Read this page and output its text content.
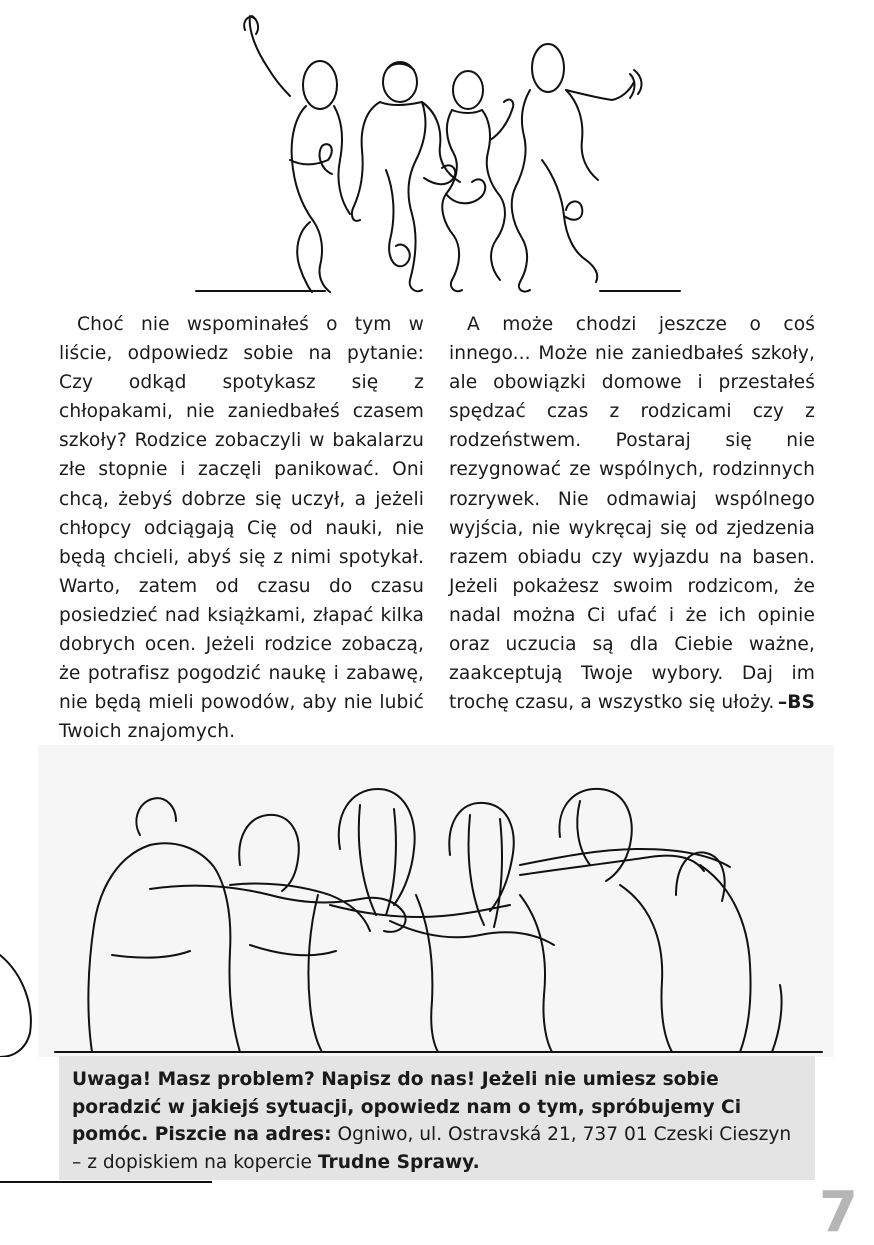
Choć nie wspominałeś o tym w liście, odpowiedz sobie na pytanie: Czy odkąd spotykasz się z chłopakami, nie zaniedbałeś czasem szkoły? Rodzice zobaczyli w bakalarzu złe stopnie i zaczęli panikować. Oni chcą, żebyś dobrze się uczył, a jeżeli chłopcy odciągają Cię od nauki, nie będą chcieli, abyś się z nimi spotykał. Warto, zatem od czasu do czasu posiedzieć nad książkami, złapać kilka dobrych ocen. Jeżeli rodzice zobaczą, że potrafisz pogodzić naukę i zabawę, nie będą mieli powodów, aby nie lubić Twoich znajomych.
A może chodzi jeszcze o coś innego... Może nie zaniedbałeś szkoły, ale obowiązki domowe i przestałeś spędzać czas z rodzicami czy z rodzeństwem. Postaraj się nie rezygnować ze wspólnych, rodzinnych rozrywek. Nie odmawiaj wspólnego wyjścia, nie wykręcaj się od zjedzenia razem obiadu czy wyjazdu na basen. Jeżeli pokażesz swoim rodzicom, że nadal można Ci ufać i że ich opinie oraz uczucia są dla Ciebie ważne, zaakceptują Twoje wybory. Daj im trochę czasu, a wszystko się ułoży. –BS

Uwaga! Masz problem? Napisz do nas! Jeżeli nie umiesz sobie poradzić w jakiejś sytuacji, opowiedz nam o tym, spróbujemy Ci pomóc. Piszcie na adres: Ogniwo, ul. Ostravská 21, 737 01 Czeski Cieszyn – z dopiskiem na kopercie Trudne Sprawy.

7
